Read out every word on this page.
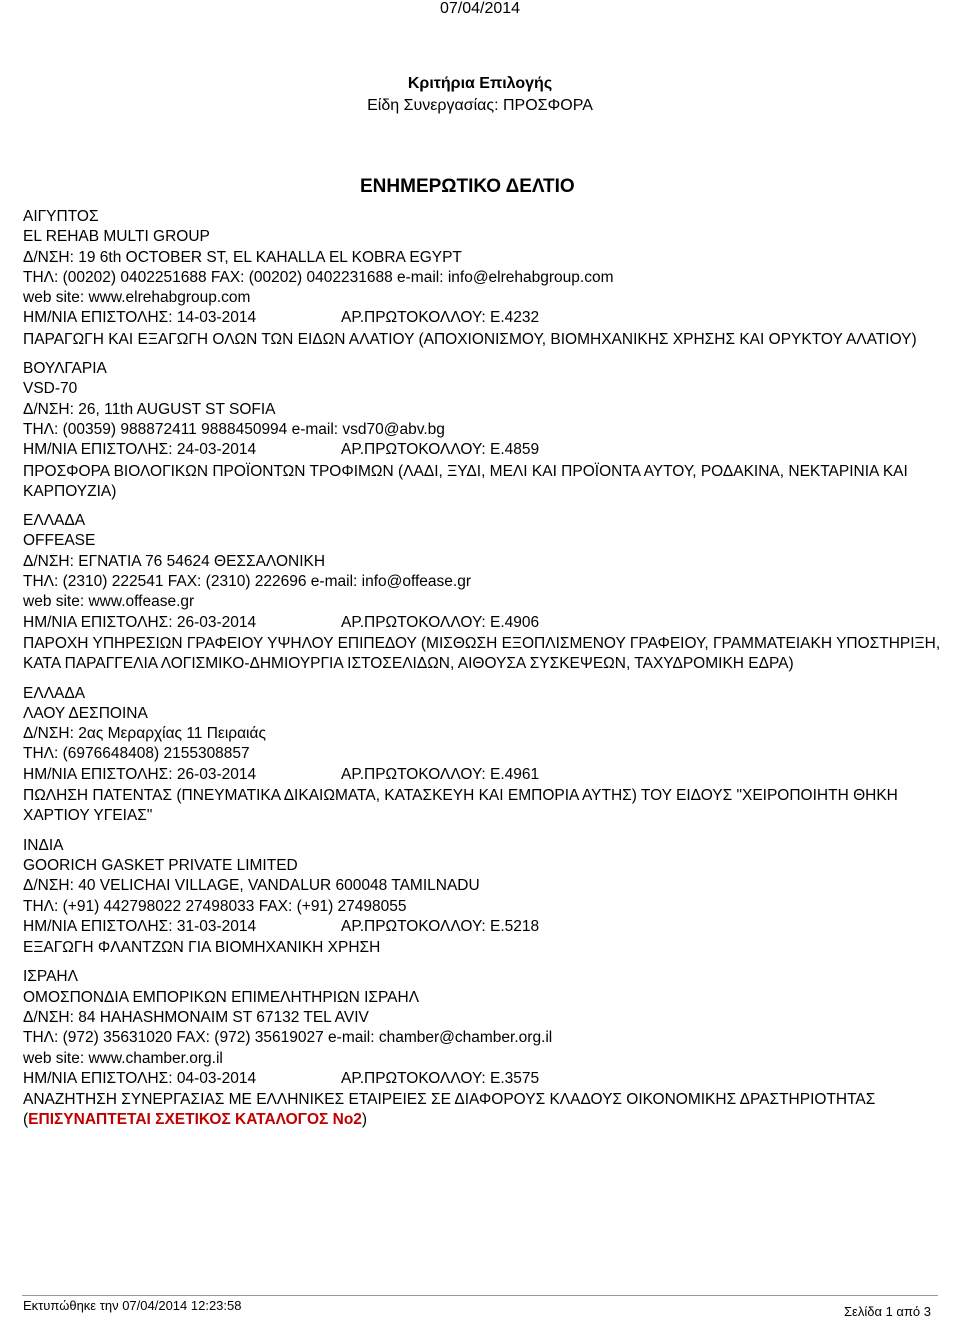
07/04/2014
Κριτήρια Επιλογής
Είδη Συνεργασίας: ΠΡΟΣΦΟΡΑ
ΕΝΗΜΕΡΩΤΙΚΟ ΔΕΛΤΙΟ
ΑΙΓΥΠΤΟΣ
EL REHAB MULTI GROUP
Δ/ΝΣΗ: 19 6th OCTOBER ST, EL KAHALLA EL KOBRA EGYPT
ΤΗΛ: (00202) 0402251688 FAX: (00202) 0402231688 e-mail: info@elrehabgroup.com
web site: www.elrehabgroup.com
ΗΜ/ΝΙΑ ΕΠΙΣΤΟΛΗΣ: 14-03-2014	ΑΡ.ΠΡΩΤΟΚΟΛΛΟΥ: Ε.4232
ΠΑΡΑΓΩΓΗ ΚΑΙ ΕΞΑΓΩΓΗ ΟΛΩΝ ΤΩΝ ΕΙΔΩΝ ΑΛΑΤΙΟΥ (ΑΠΟΧΙΟΝΙΣΜΟΥ, ΒΙΟΜΗΧΑΝΙΚΗΣ ΧΡΗΣΗΣ ΚΑΙ ΟΡΥΚΤΟΥ ΑΛΑΤΙΟΥ)
ΒΟΥΛΓΑΡΙΑ
VSD-70
Δ/ΝΣΗ: 26, 11th AUGUST ST SOFIA
ΤΗΛ: (00359) 988872411 9888450994 e-mail: vsd70@abv.bg
ΗΜ/ΝΙΑ ΕΠΙΣΤΟΛΗΣ: 24-03-2014	ΑΡ.ΠΡΩΤΟΚΟΛΛΟΥ: Ε.4859
ΠΡΟΣΦΟΡΑ ΒΙΟΛΟΓΙΚΩΝ ΠΡΟΪΟΝΤΩΝ ΤΡΟΦΙΜΩΝ (ΛΑΔΙ, ΞΥΔΙ, ΜΕΛΙ ΚΑΙ ΠΡΟΪΟΝΤΑ ΑΥΤΟΥ, ΡΟΔΑΚΙΝΑ, ΝΕΚΤΑΡΙΝΙΑ ΚΑΙ ΚΑΡΠΟΥΖΙΑ)
ΕΛΛΑΔΑ
OFFEASE
Δ/ΝΣΗ: ΕΓΝΑΤΙΑ 76 54624 ΘΕΣΣΑΛΟΝΙΚΗ
ΤΗΛ: (2310) 222541 FAX: (2310) 222696 e-mail: info@offease.gr
web site: www.offease.gr
ΗΜ/ΝΙΑ ΕΠΙΣΤΟΛΗΣ: 26-03-2014	ΑΡ.ΠΡΩΤΟΚΟΛΛΟΥ: Ε.4906
ΠΑΡΟΧΗ ΥΠΗΡΕΣΙΩΝ ΓΡΑΦΕΙΟΥ ΥΨΗΛΟΥ ΕΠΙΠΕΔΟΥ (ΜΙΣΘΩΣΗ ΕΞΟΠΛΙΣΜΕΝΟΥ ΓΡΑΦΕΙΟΥ, ΓΡΑΜΜΑΤΕΙΑΚΗ ΥΠΟΣΤΗΡΙΞΗ, ΚΑΤΑ ΠΑΡΑΓΓΕΛΙΑ ΛΟΓΙΣΜΙΚΟ-ΔΗΜΙΟΥΡΓΙΑ ΙΣΤΟΣΕΛΙΔΩΝ, ΑΙΘΟΥΣΑ ΣΥΣΚΕΨΕΩΝ, ΤΑΧΥΔΡΟΜΙΚΗ ΕΔΡΑ)
ΕΛΛΑΔΑ
ΛΑΟΥ ΔΕΣΠΟΙΝΑ
Δ/ΝΣΗ: 2ας Μεραρχίας 11 Πειραιάς
ΤΗΛ: (6976648408) 2155308857
ΗΜ/ΝΙΑ ΕΠΙΣΤΟΛΗΣ: 26-03-2014	ΑΡ.ΠΡΩΤΟΚΟΛΛΟΥ: Ε.4961
ΠΩΛΗΣΗ ΠΑΤΕΝΤΑΣ (ΠΝΕΥΜΑΤΙΚΑ ΔΙΚΑΙΩΜΑΤΑ, ΚΑΤΑΣΚΕΥΗ ΚΑΙ ΕΜΠΟΡΙΑ ΑΥΤΗΣ) ΤΟΥ ΕΙΔΟΥΣ "ΧΕΙΡΟΠΟΙΗΤΗ ΘΗΚΗ ΧΑΡΤΙΟΥ ΥΓΕΙΑΣ"
ΙΝΔΙΑ
GOORICH GASKET PRIVATE LIMITED
Δ/ΝΣΗ: 40 VELICHAI VILLAGE, VANDALUR 600048 TAMILNADU
ΤΗΛ: (+91) 442798022 27498033 FAX: (+91) 27498055
ΗΜ/ΝΙΑ ΕΠΙΣΤΟΛΗΣ: 31-03-2014	ΑΡ.ΠΡΩΤΟΚΟΛΛΟΥ: Ε.5218
ΕΞΑΓΩΓΗ ΦΛΑΝΤΖΩΝ ΓΙΑ ΒΙΟΜΗΧΑΝΙΚΗ ΧΡΗΣΗ
ΙΣΡΑΗΛ
ΟΜΟΣΠΟΝΔΙΑ ΕΜΠΟΡΙΚΩΝ ΕΠΙΜΕΛΗΤΗΡΙΩΝ ΙΣΡΑΗΛ
Δ/ΝΣΗ: 84 HAHASHMONAIM ST 67132 TEL AVIV
ΤΗΛ: (972) 35631020 FAX: (972) 35619027 e-mail: chamber@chamber.org.il
web site: www.chamber.org.il
ΗΜ/ΝΙΑ ΕΠΙΣΤΟΛΗΣ: 04-03-2014	ΑΡ.ΠΡΩΤΟΚΟΛΛΟΥ: Ε.3575
ΑΝΑΖΗΤΗΣΗ ΣΥΝΕΡΓΑΣΙΑΣ ΜΕ ΕΛΛΗΝΙΚΕΣ ΕΤΑΙΡΕΙΕΣ ΣΕ ΔΙΑΦΟΡΟΥΣ ΚΛΑΔΟΥΣ ΟΙΚΟΝΟΜΙΚΗΣ ΔΡΑΣΤΗΡΙΟΤΗΤΑΣ (ΕΠΙΣΥΝΑΠΤΕΤΑΙ ΣΧΕΤΙΚΟΣ ΚΑΤΑΛΟΓΟΣ Νο2)
Εκτυπώθηκε την 07/04/2014 12:23:58	Σελίδα 1 από 3
